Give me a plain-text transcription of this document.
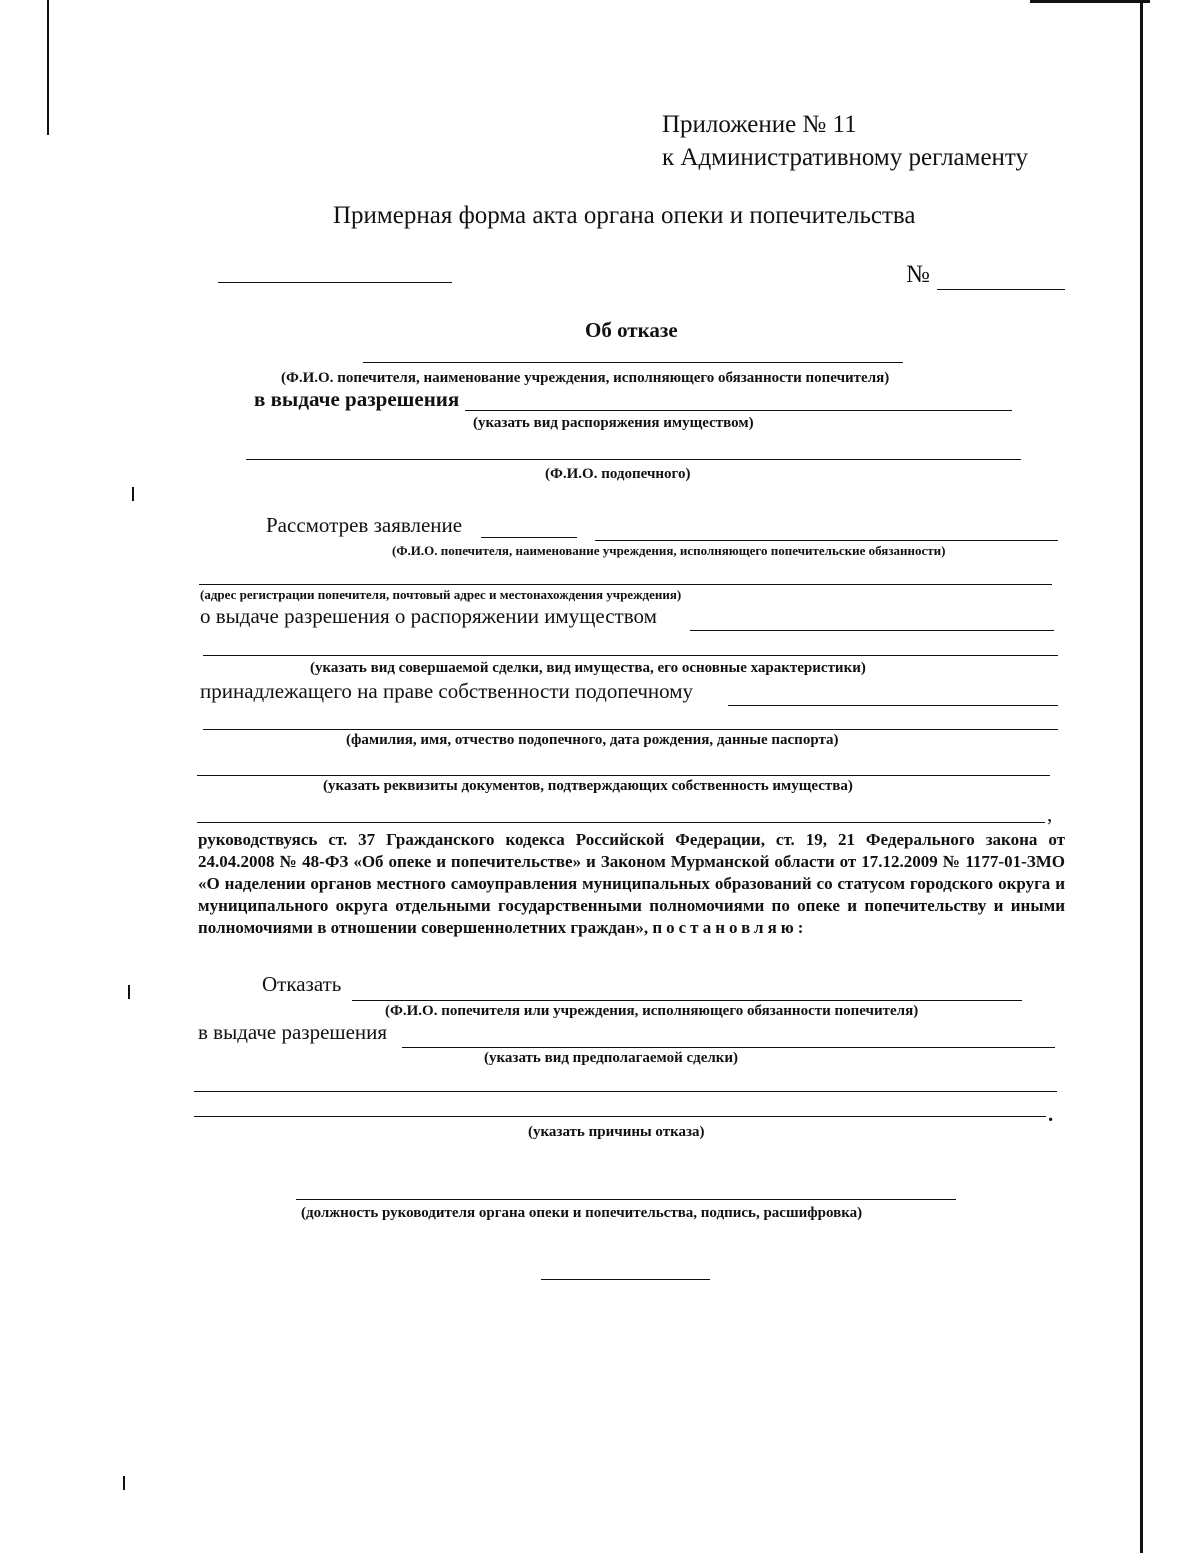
Приложение № 11
к Административному регламенту
Примерная форма акта органа опеки и попечительства
№
Об отказе
(Ф.И.О. попечителя, наименование учреждения, исполняющего обязанности попечителя)
в выдаче разрешения
(указать вид распоряжения имуществом)
(Ф.И.О. подопечного)
Рассмотрев заявление
(Ф.И.О. попечителя, наименование учреждения, исполняющего попечительские обязанности)
(адрес регистрации попечителя, почтовый адрес и местонахождения учреждения)
о выдаче разрешения о распоряжении имуществом
(указать вид совершаемой сделки, вид имущества, его основные характеристики)
принадлежащего на праве собственности подопечному
(фамилия, имя, отчество подопечного, дата рождения, данные паспорта)
(указать реквизиты документов, подтверждающих собственность имущества)
,
руководствуясь ст. 37 Гражданского кодекса Российской Федерации, ст. 19, 21 Федерального закона от 24.04.2008 № 48-ФЗ «Об опеке и попечительстве» и Законом Мурманской области от 17.12.2009 № 1177-01-ЗМО «О наделении органов местного самоуправления муниципальных образований со статусом городского округа и муниципального округа отдельными государственными полномочиями по опеке и попечительству и иными полномочиями в отношении совершеннолетних граждан», постановляю:
Отказать
(Ф.И.О. попечителя или учреждения, исполняющего обязанности попечителя)
в выдаче разрешения
(указать вид предполагаемой сделки)
.
(указать причины отказа)
(должность руководителя органа опеки и попечительства, подпись, расшифровка)
